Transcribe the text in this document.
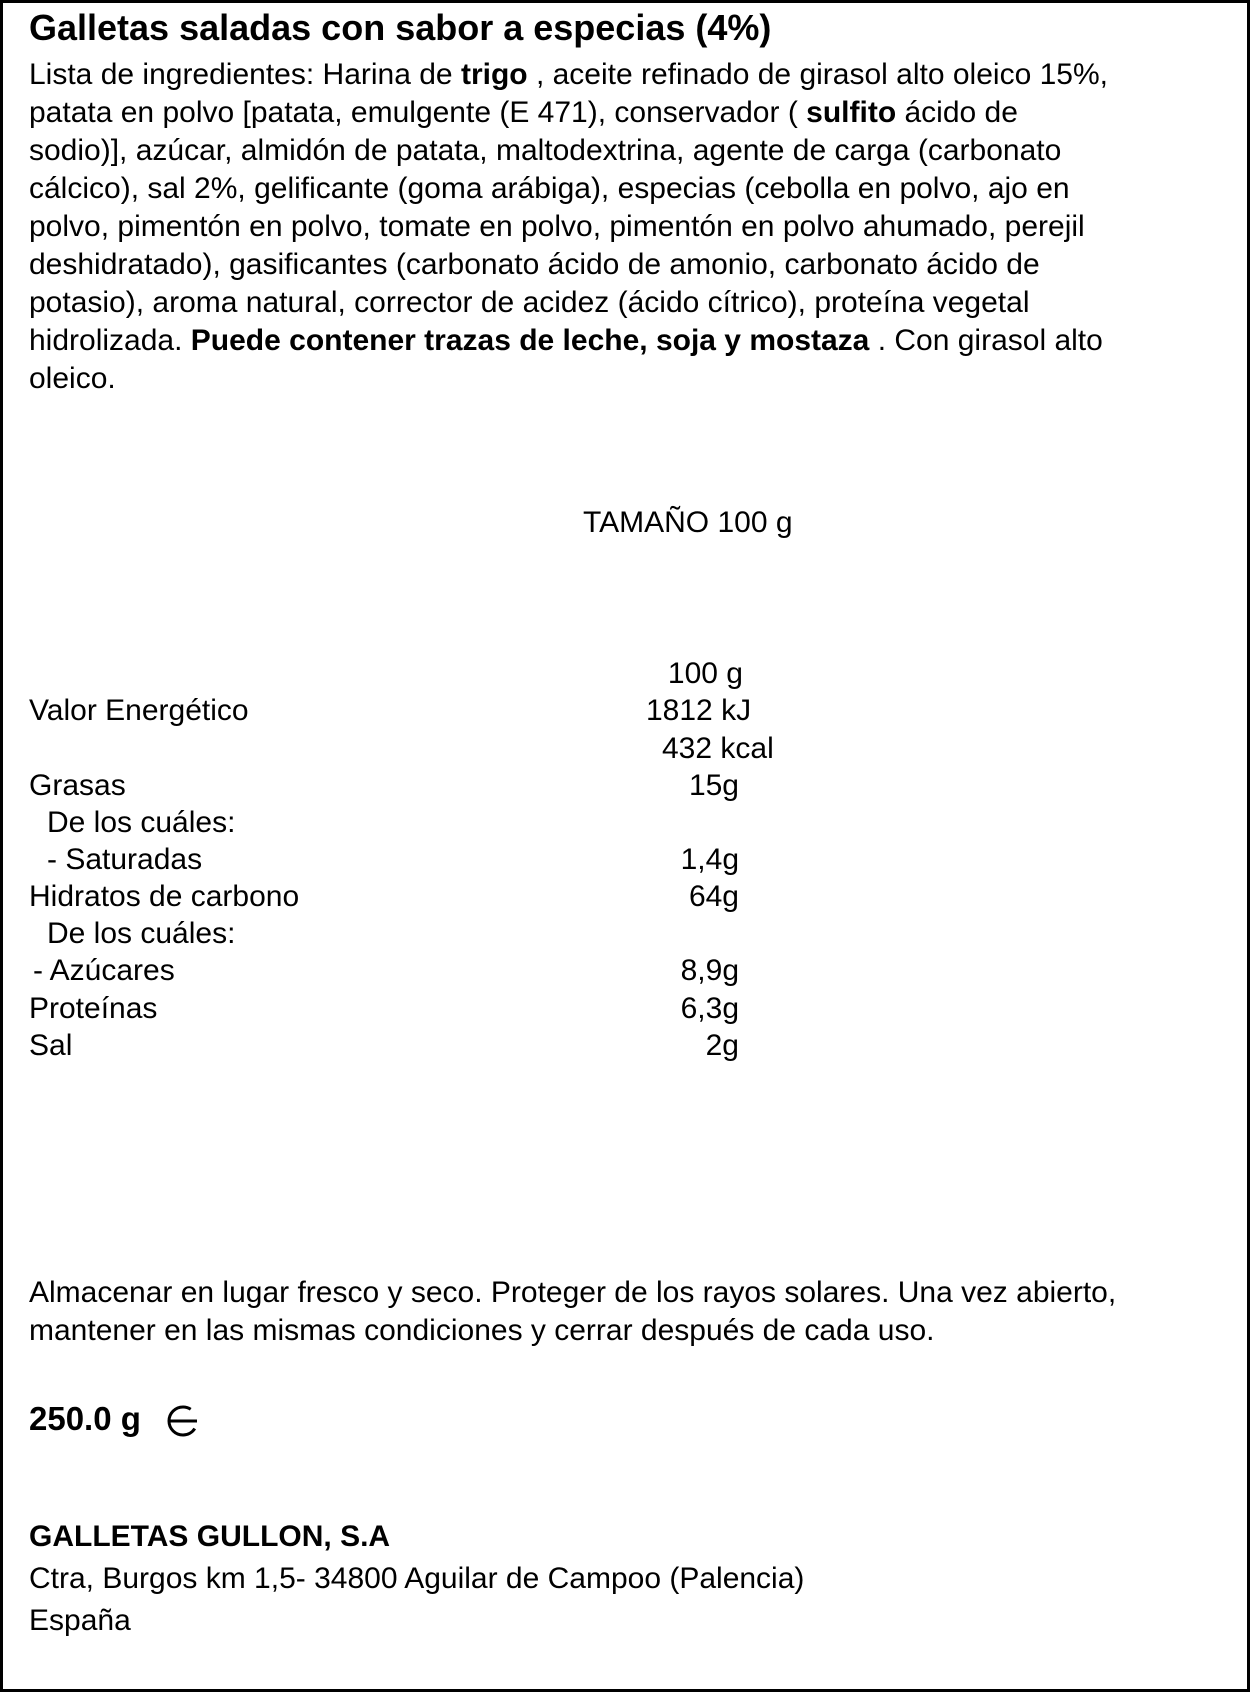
Galletas saladas con sabor a especias (4%)
Lista de ingredientes: Harina de trigo , aceite refinado de girasol alto oleico 15%,
patata en polvo [patata, emulgente (E 471), conservador ( sulfito ácido de
sodio)], azúcar, almidón de patata, maltodextrina, agente de carga (carbonato
cálcico), sal 2%, gelificante (goma arábiga), especias (cebolla en polvo, ajo en
polvo, pimentón en polvo, tomate en polvo, pimentón en polvo ahumado, perejil
deshidratado), gasificantes (carbonato ácido de amonio, carbonato ácido de
potasio), aroma natural, corrector de acidez (ácido cítrico), proteína vegetal
hidrolizada. Puede contener trazas de leche, soja y mostaza . Con girasol alto
oleico.
TAMAÑO 100 g
100 g
Valor Energético	1812 kJ
432 kcal
Grasas	15g
De los cuáles:
- Saturadas	1,4g
Hidratos de carbono	64g
De los cuáles:
- Azúcares	8,9g
Proteínas	6,3g
Sal	2g
Almacenar en lugar fresco y seco. Proteger de los rayos solares. Una vez abierto,
mantener en las mismas condiciones y cerrar después de cada uso.
250.0 g
GALLETAS GULLON, S.A
Ctra, Burgos km 1,5- 34800 Aguilar de Campoo (Palencia)
España
